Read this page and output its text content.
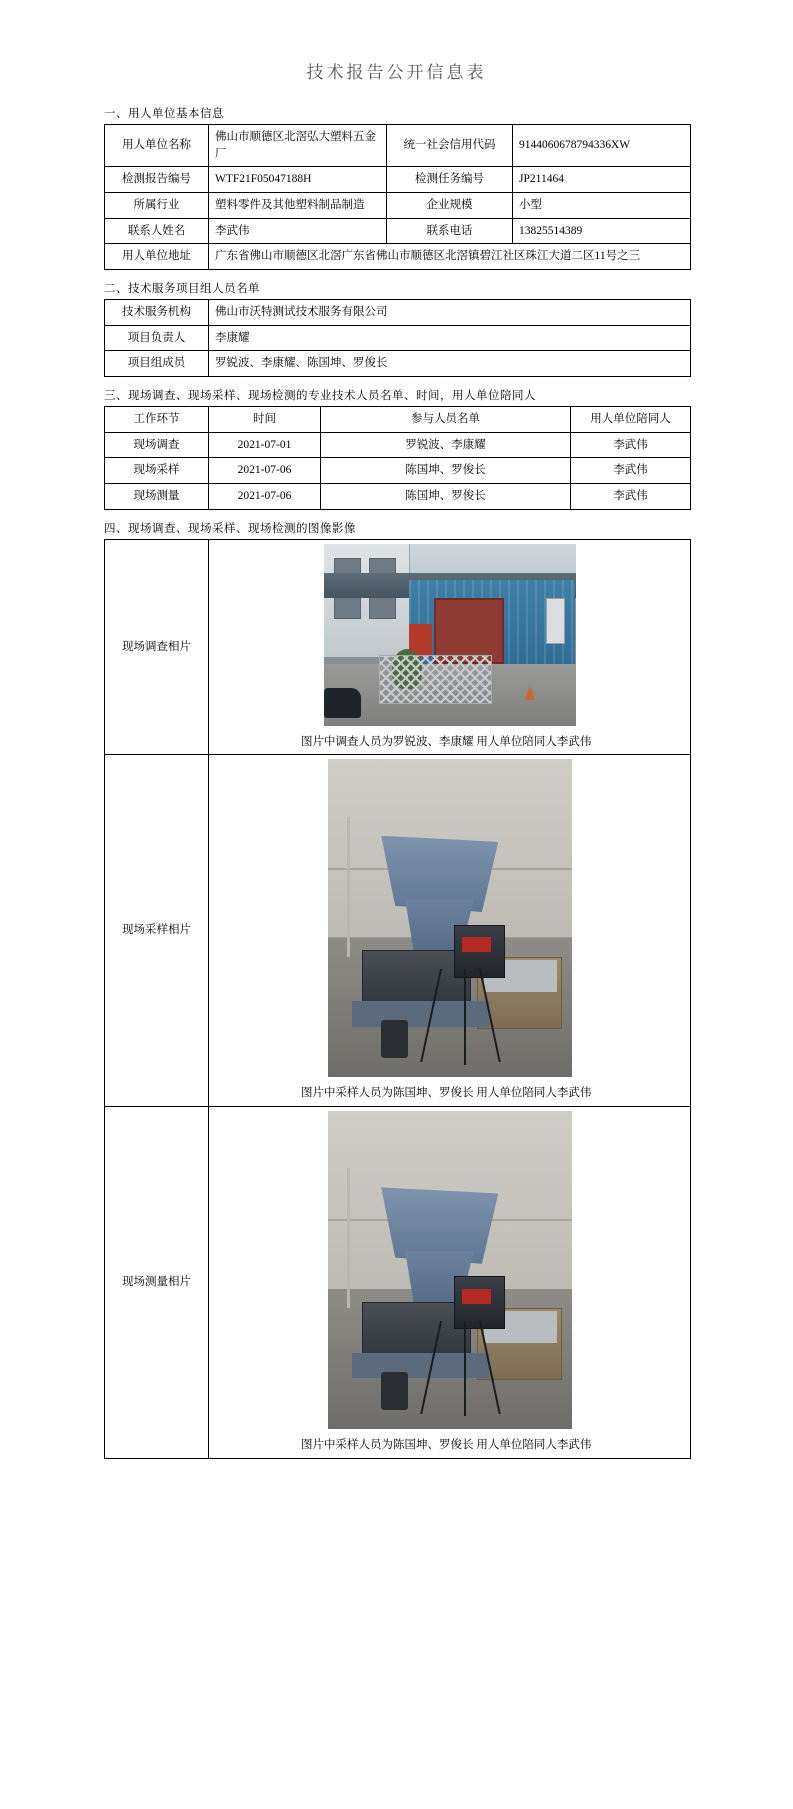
技术报告公开信息表
一、用人单位基本信息
用人单位名称	佛山市顺德区北滘弘大塑料五金厂	统一社会信用代码	9144060678794336XW
检测报告编号	WTF21F05047188H	检测任务编号	JP211464
所属行业	塑料零件及其他塑料制品制造	企业规模	小型
联系人姓名	李武伟	联系电话	13825514389
用人单位地址	广东省佛山市顺德区北滘广东省佛山市顺德区北滘镇碧江社区珠江大道二区11号之三		
二、技术服务项目组人员名单
技术服务机构	佛山市沃特测试技术服务有限公司
项目负责人	李康耀
项目组成员	罗锐波、李康耀、陈国坤、罗俊长
三、现场调查、现场采样、现场检测的专业技术人员名单、时间，用人单位陪同人
工作环节	时间	参与人员名单	用人单位陪同人
现场调查	2021-07-01	罗锐波、李康耀	李武伟
现场采样	2021-07-06	陈国坤、罗俊长	李武伟
现场测量	2021-07-06	陈国坤、罗俊长	李武伟
四、现场调查、现场采样、现场检测的图像影像
现场调查相片	图片中调查人员为罗锐波、李康耀 用人单位陪同人李武伟

现场采样相片	图片中采样人员为陈国坤、罗俊长 用人单位陪同人李武伟

现场测量相片	图片中采样人员为陈国坤、罗俊长 用人单位陪同人李武伟
